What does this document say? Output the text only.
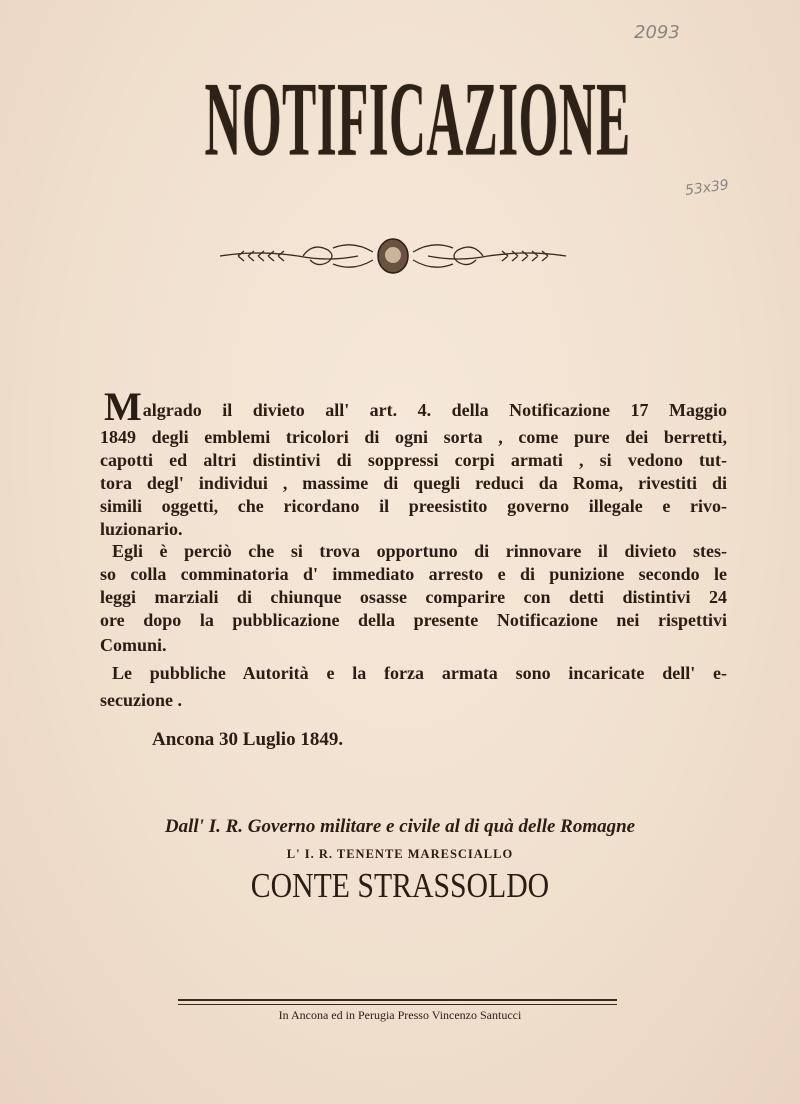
2093
53x39
NOTIFICAZIONE
Malgrado il divieto all' art. 4. della Notificazione 17 Maggio
1849 degli emblemi tricolori di ogni sorta , come pure dei berretti,
capotti ed altri distintivi di soppressi corpi armati , si vedono tut-
tora degl' individui , massime di quegli reduci da Roma, rivestiti di
simili oggetti, che ricordano il preesistito governo illegale e rivo-
luzionario.
Egli è perciò che si trova opportuno di rinnovare il divieto stes-
so colla comminatoria d' immediato arresto e di punizione secondo le
leggi marziali di chiunque osasse comparire con detti distintivi 24
ore dopo la pubblicazione della presente Notificazione nei rispettivi
Comuni.
Le pubbliche Autorità e la forza armata sono incaricate dell' e-
secuzione .
Ancona 30 Luglio 1849.
Dall' I. R. Governo militare e civile al di quà delle Romagne
L' I. R. TENENTE MARESCIALLO
CONTE STRASSOLDO
In Ancona ed in Perugia Presso Vincenzo Santucci
